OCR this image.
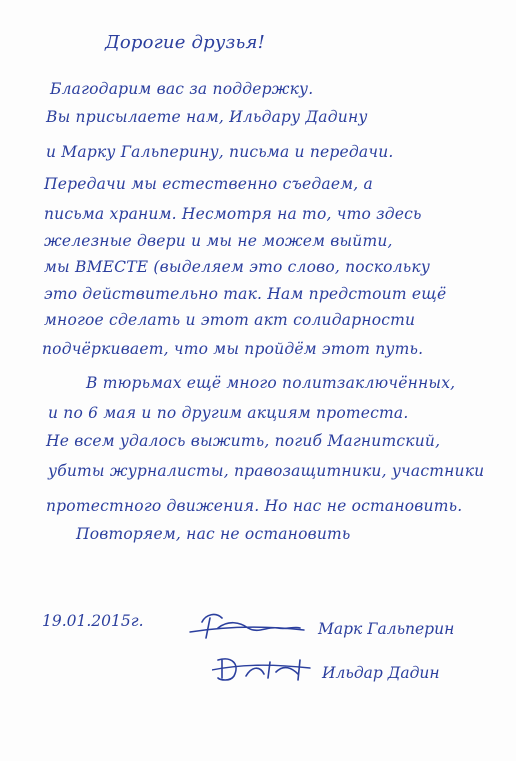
Дорогие друзья!
Благодарим вас за поддержку.
Вы присылаете нам, Ильдару Дадину
и Марку Гальперину, письма и передачи.
Передачи мы естественно съедаем, а
письма храним. Несмотря на то, что здесь
железные двери и мы не можем выйти,
мы ВМЕСТЕ (выделяем это слово, поскольку
это действительно так. Нам предстоит ещё
многое сделать и этот акт солидарности
подчёркивает, что мы пройдём этот путь.
В тюрьмах ещё много политзаключённых,
и по 6 мая и по другим акциям протеста.
Не всем удалось выжить, погиб Магнитский,
убиты журналисты, правозащитники, участники
протестного движения. Но нас не остановить.
Повторяем, нас не остановить
19.01.2015г.	Марк Гальперин
Ильдар Дадин
